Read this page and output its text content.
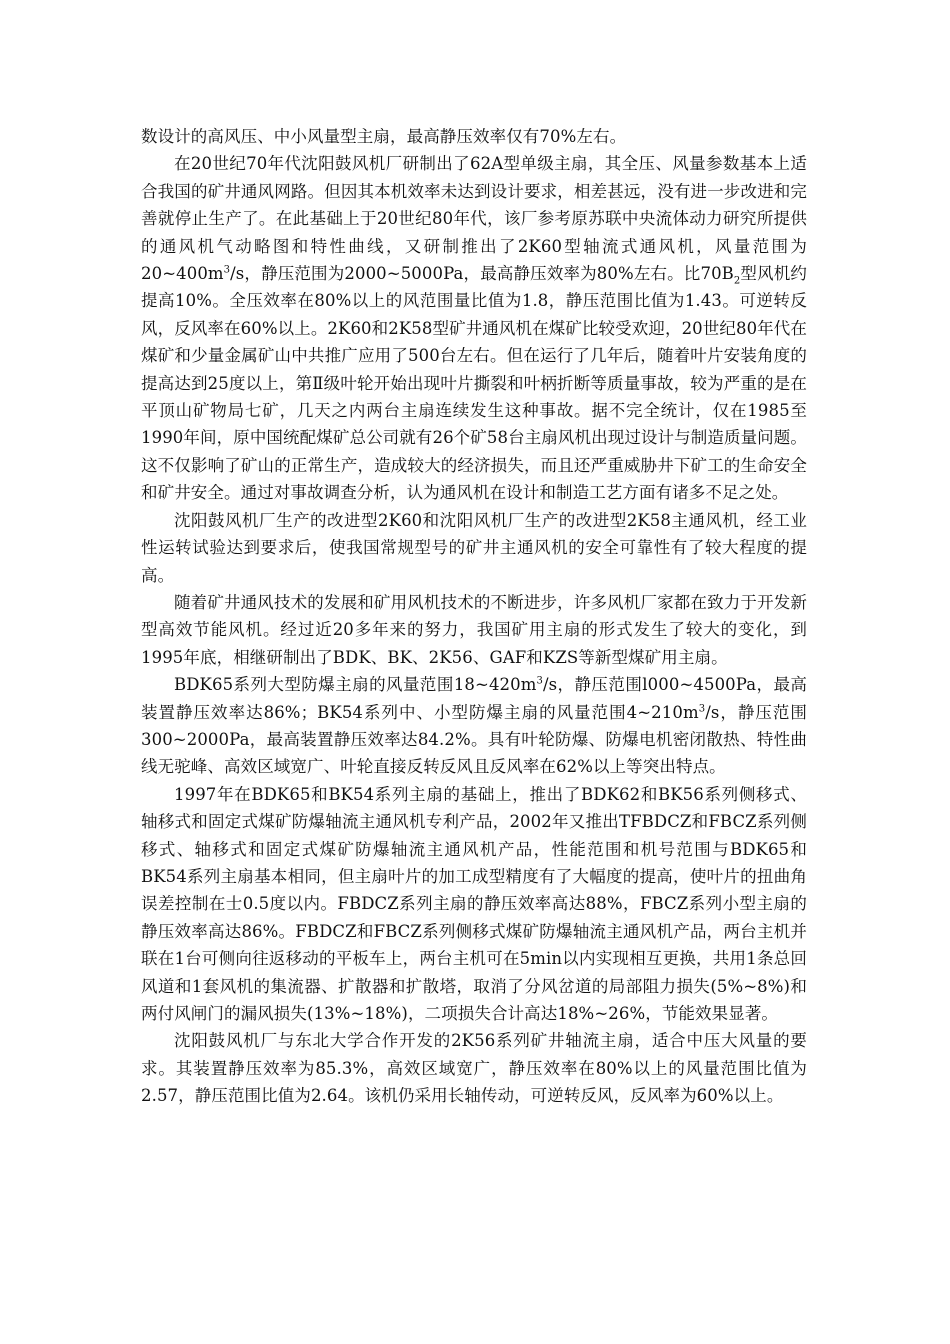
数设计的高风压、中小风量型主扇，最高静压效率仅有70%左右。

在20世纪70年代沈阳鼓风机厂研制出了62A型单级主扇，其全压、风量参数基本上适合我国的矿井通风网路。但因其本机效率未达到设计要求，相差甚远，没有进一步改进和完善就停止生产了。在此基础上于20世纪80年代，该厂参考原苏联中央流体动力研究所提供的通风机气动略图和特性曲线，又研制推出了2K60型轴流式通风机，风量范围为$20\sim 400m^3/s$，静压范围为2000~5000Pa，最高静压效率为80%左右。比$70B_2$型风机约提高10%。全压效率在80%以上的风范围量比值为1.8，静压范围比值为1.43。可逆转反风，反风率在60%以上。2K60和2K58型矿井通风机在煤矿比较受欢迎，20世纪80年代在煤矿和少量金属矿山中共推广应用了500台左右。但在运行了几年后，随着叶片安装角度的提高达到25度以上，第Ⅱ级叶轮开始出现叶片撕裂和叶柄折断等质量事故，较为严重的是在平顶山矿物局七矿，几天之内两台主扇连续发生这种事故。据不完全统计，仅在1985至1990年间，原中国统配煤矿总公司就有26个矿58台主扇风机出现过设计与制造质量问题。这不仅影响了矿山的正常生产，造成较大的经济损失，而且还严重威胁井下矿工的生命安全和矿井安全。通过对事故调查分析，认为通风机在设计和制造工艺方面有诸多不足之处。

沈阳鼓风机厂生产的改进型2K60和沈阳风机厂生产的改进型2K58主通风机，经工业性运转试验达到要求后，使我国常规型号的矿井主通风机的安全可靠性有了较大程度的提高。

随着矿井通风技术的发展和矿用风机技术的不断进步，许多风机厂家都在致力于开发新型高效节能风机。经过近20多年来的努力，我国矿用主扇的形式发生了较大的变化，到1995年底，相继研制出了BDK、BK、2K56、GAF和KZS等新型煤矿用主扇。

BDK65系列大型防爆主扇的风量范围$18\sim 420m^3/s$，静压范围l000~4500Pa，最高装置静压效率达86%；BK54系列中、小型防爆主扇的风量范围$4\sim 210m^3/s$，静压范围300~2000Pa，最高装置静压效率达84.2%。具有叶轮防爆、防爆电机密闭散热、特性曲线无驼峰、高效区域宽广、叶轮直接反转反风且反风率在62%以上等突出特点。

1997年在BDK65和BK54系列主扇的基础上，推出了BDK62和BK56系列侧移式、轴移式和固定式煤矿防爆轴流主通风机专利产品，2002年又推出TFBDCZ和FBCZ系列侧移式、轴移式和固定式煤矿防爆轴流主通风机产品，性能范围和机号范围与BDK65和BK54系列主扇基本相同，但主扇叶片的加工成型精度有了大幅度的提高，使叶片的扭曲角误差控制在士0.5度以内。FBDCZ系列主扇的静压效率高达88%，FBCZ系列小型主扇的静压效率高达86%。FBDCZ和FBCZ系列侧移式煤矿防爆轴流主通风机产品，两台主机并联在1台可侧向往返移动的平板车上，两台主机可在5min以内实现相互更换，共用1条总回风道和1套风机的集流器、扩散器和扩散塔，取消了分风岔道的局部阻力损失(5%~8%)和两付风闸门的漏风损失(13%~18%)，二项损失合计高达18%~26%，节能效果显著。

沈阳鼓风机厂与东北大学合作开发的2K56系列矿井轴流主扇，适合中压大风量的要求。其装置静压效率为85.3%，高效区域宽广，静压效率在80%以上的风量范围比值为2.57，静压范围比值为2.64。该机仍采用长轴传动，可逆转反风，反风率为60%以上。
